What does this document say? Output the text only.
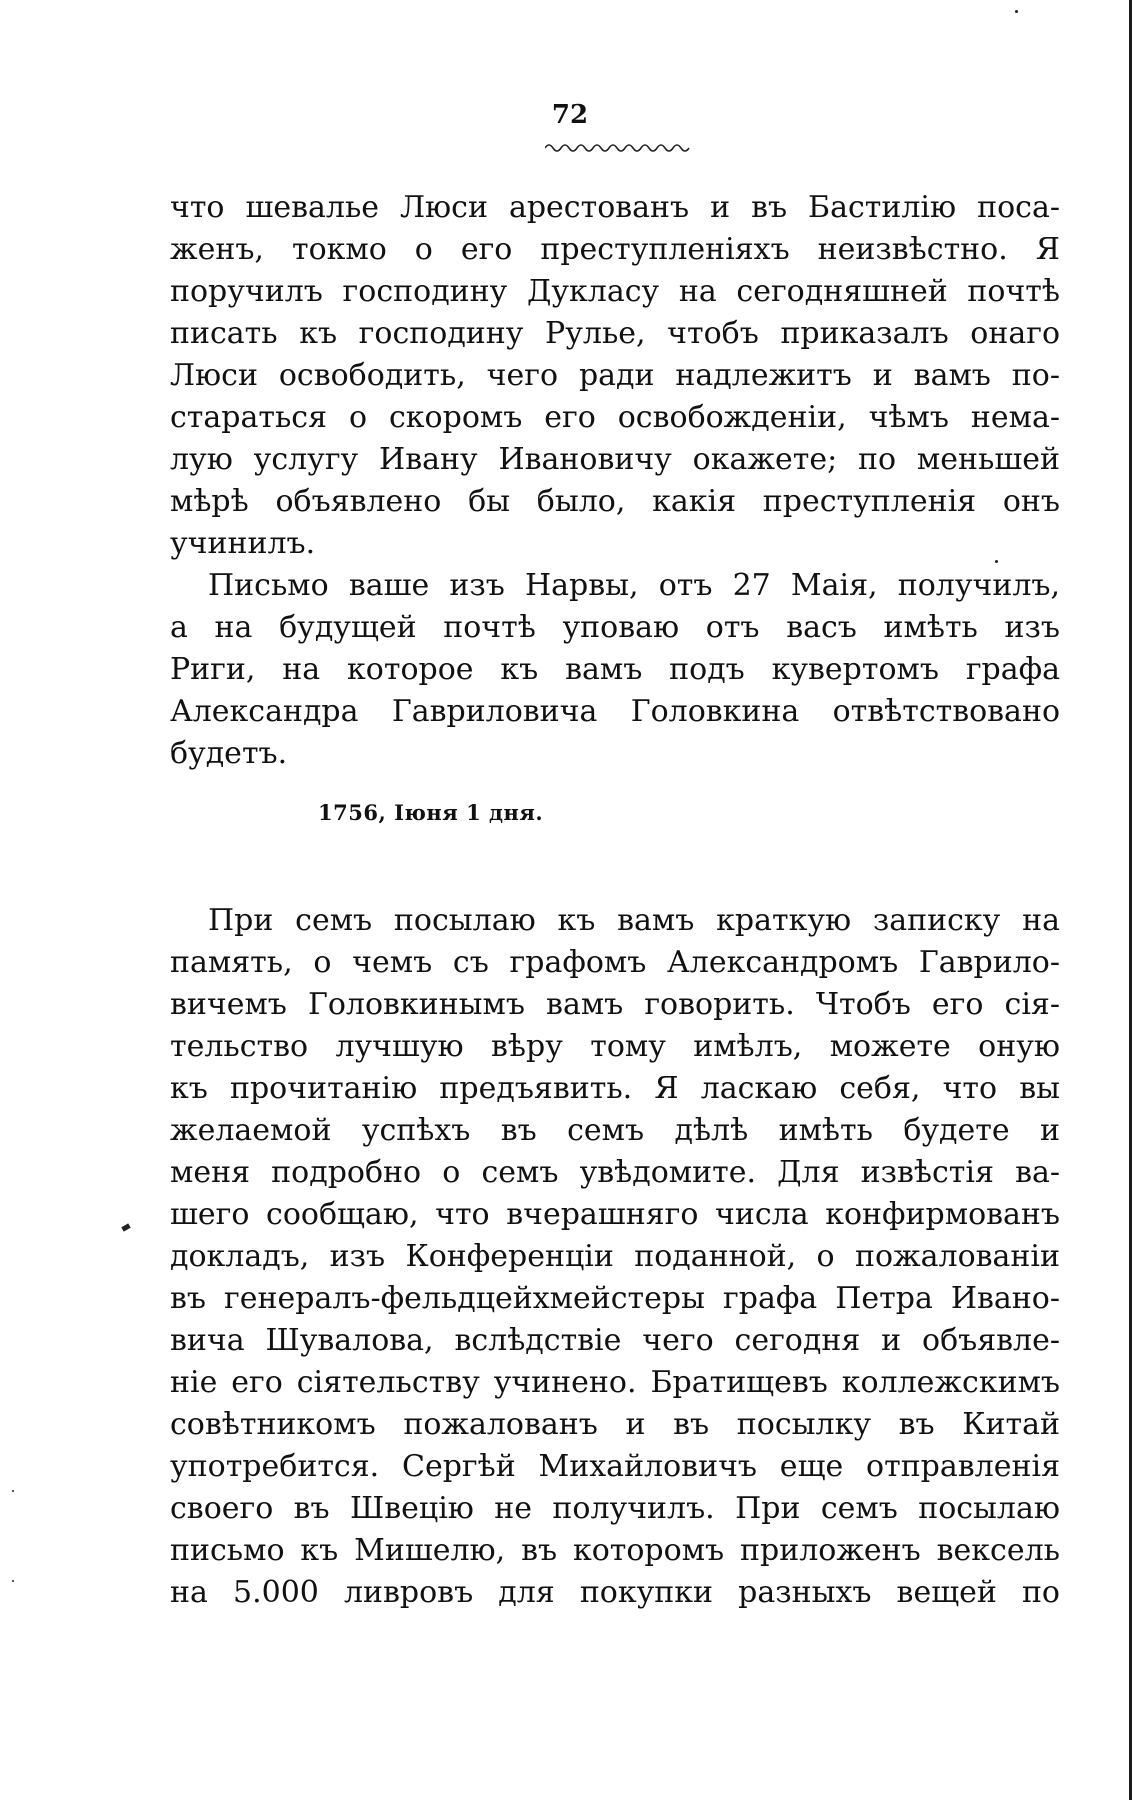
72
что шевалье Люси арестованъ и въ Бастилію поса-
женъ, токмо о его преступленіяхъ неизвѣстно. Я
поручилъ господину Дукласу на сегодняшней почтѣ
писать къ господину Рулье, чтобъ приказалъ онаго
Люси освободить, чего ради надлежитъ и вамъ по-
стараться о скоромъ его освобожденіи, чѣмъ нема-
лую услугу Ивану Ивановичу окажете; по меньшей
мѣрѣ объявлено бы было, какія преступленія онъ
учинилъ.
Письмо ваше изъ Нарвы, отъ 27 Маія, получилъ,
а на будущей почтѣ уповаю отъ васъ имѣть изъ
Риги, на которое къ вамъ подъ кувертомъ графа
Александра Гавриловича Головкина отвѣтствовано
будетъ.
1756, Іюня 1 дня.
При семъ посылаю къ вамъ краткую записку на
память, о чемъ съ графомъ Александромъ Гаврило-
вичемъ Головкинымъ вамъ говорить. Чтобъ его сія-
тельство лучшую вѣру тому имѣлъ, можете оную
къ прочитанію предъявить. Я ласкаю себя, что вы
желаемой успѣхъ въ семъ дѣлѣ имѣть будете и
меня подробно о семъ увѣдомите. Для извѣстія ва-
шего сообщаю, что вчерашняго числа конфирмованъ
докладъ, изъ Конференціи поданной, о пожалованіи
въ генералъ-фельдцейхмейстеры графа Петра Ивано-
вича Шувалова, вслѣдствіе чего сегодня и объявле-
ніе его сіятельству учинено. Братищевъ коллежскимъ
совѣтникомъ пожалованъ и въ посылку въ Китай
употребится. Сергѣй Михайловичъ еще отправленія
своего въ Швецію не получилъ. При семъ посылаю
письмо къ Мишелю, въ которомъ приложенъ вексель
на 5.000 ливровъ для покупки разныхъ вещей по
